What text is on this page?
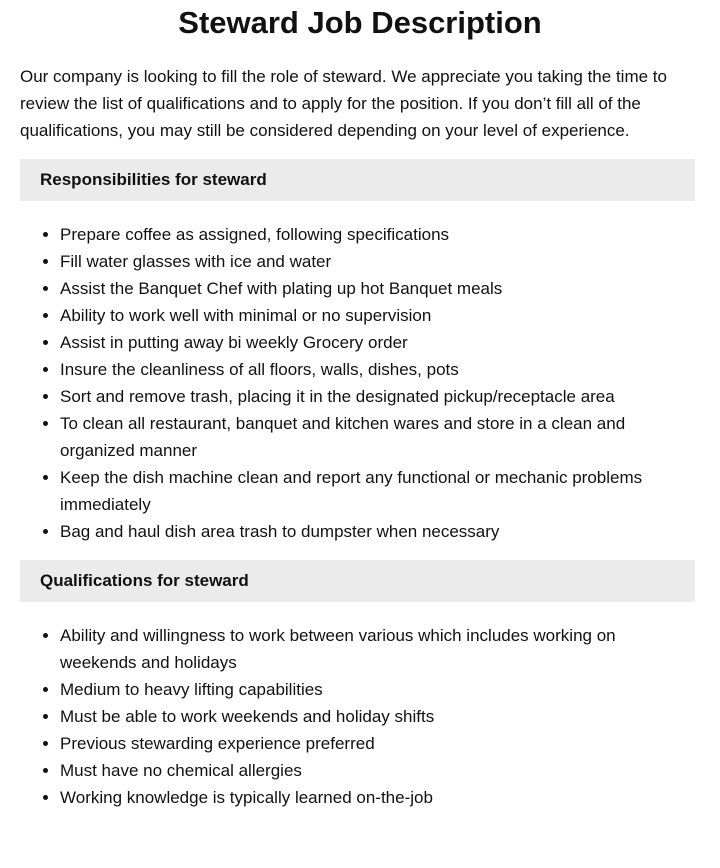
Steward Job Description

Our company is looking to fill the role of steward. We appreciate you taking the time to review the list of qualifications and to apply for the position. If you don’t fill all of the qualifications, you may still be considered depending on your level of experience.

Responsibilities for steward
• Prepare coffee as assigned, following specifications
• Fill water glasses with ice and water
• Assist the Banquet Chef with plating up hot Banquet meals
• Ability to work well with minimal or no supervision
• Assist in putting away bi weekly Grocery order
• Insure the cleanliness of all floors, walls, dishes, pots
• Sort and remove trash, placing it in the designated pickup/receptacle area
• To clean all restaurant, banquet and kitchen wares and store in a clean and organized manner
• Keep the dish machine clean and report any functional or mechanic problems immediately
• Bag and haul dish area trash to dumpster when necessary
Qualifications for steward
• Ability and willingness to work between various which includes working on weekends and holidays
• Medium to heavy lifting capabilities
• Must be able to work weekends and holiday shifts
• Previous stewarding experience preferred
• Must have no chemical allergies
• Working knowledge is typically learned on-the-job
